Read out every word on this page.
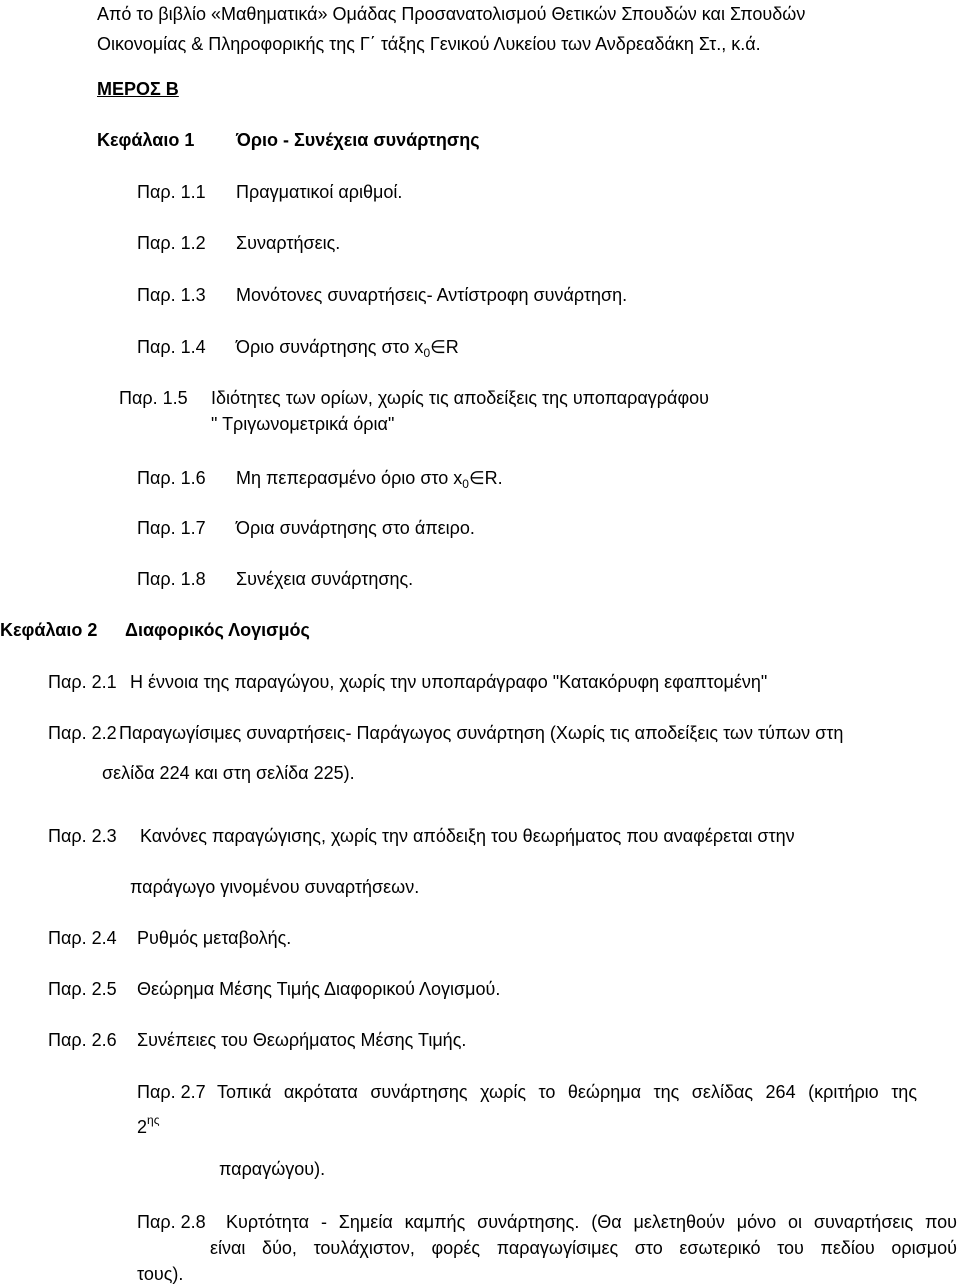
Από το βιβλίο «Μαθηματικά» Ομάδας Προσανατολισμού Θετικών Σπουδών και Σπουδών
Οικονομίας & Πληροφορικής της Γ΄ τάξης Γενικού Λυκείου των Ανδρεαδάκη Στ., κ.ά.
ΜΕΡΟΣ Β
Κεφάλαιο 1 Όριο - Συνέχεια συνάρτησης
Παρ. 1.1 Πραγματικοί αριθμοί.
Παρ. 1.2 Συναρτήσεις.
Παρ. 1.3 Μονότονες συναρτήσεις- Αντίστροφη συνάρτηση.
Παρ. 1.4 Όριο συνάρτησης στο $x_0\in R$
Παρ. 1.5 Ιδιότητες των ορίων, χωρίς τις αποδείξεις της υποπαραγράφου
" Τριγωνομετρικά όρια"
Παρ. 1.6 Μη πεπερασμένο όριο στο $x_0\in R$.
Παρ. 1.7 Όρια συνάρτησης στο άπειρο.
Παρ. 1.8 Συνέχεια συνάρτησης.
Κεφάλαιο 2 Διαφορικός Λογισμός
Παρ. 2.1 Η έννοια της παραγώγου, χωρίς την υποπαράγραφο "Κατακόρυφη εφαπτομένη"
Παρ. 2.2 Παραγωγίσιμες συναρτήσεις- Παράγωγος συνάρτηση (Χωρίς τις αποδείξεις των τύπων στη
σελίδα 224 και στη σελίδα 225).
Παρ. 2.3 Κανόνες παραγώγισης, χωρίς την απόδειξη του θεωρήματος που αναφέρεται στην
παράγωγο γινομένου συναρτήσεων.
Παρ. 2.4 Ρυθμός μεταβολής.
Παρ. 2.5 Θεώρημα Μέσης Τιμής Διαφορικού Λογισμού.
Παρ. 2.6 Συνέπειες του Θεωρήματος Μέσης Τιμής.
Παρ. 2.7 Τοπικά ακρότατα συνάρτησης χωρίς το θεώρημα της σελίδας 264 (κριτήριο της
$2^{\eta\varsigma}$
παραγώγου).
Παρ. 2.8 Κυρτότητα - Σημεία καμπής συνάρτησης. (Θα μελετηθούν μόνο οι συναρτήσεις που
είναι δύο, τουλάχιστον, φορές παραγωγίσιμες στο εσωτερικό του πεδίου ορισμού
τους).
